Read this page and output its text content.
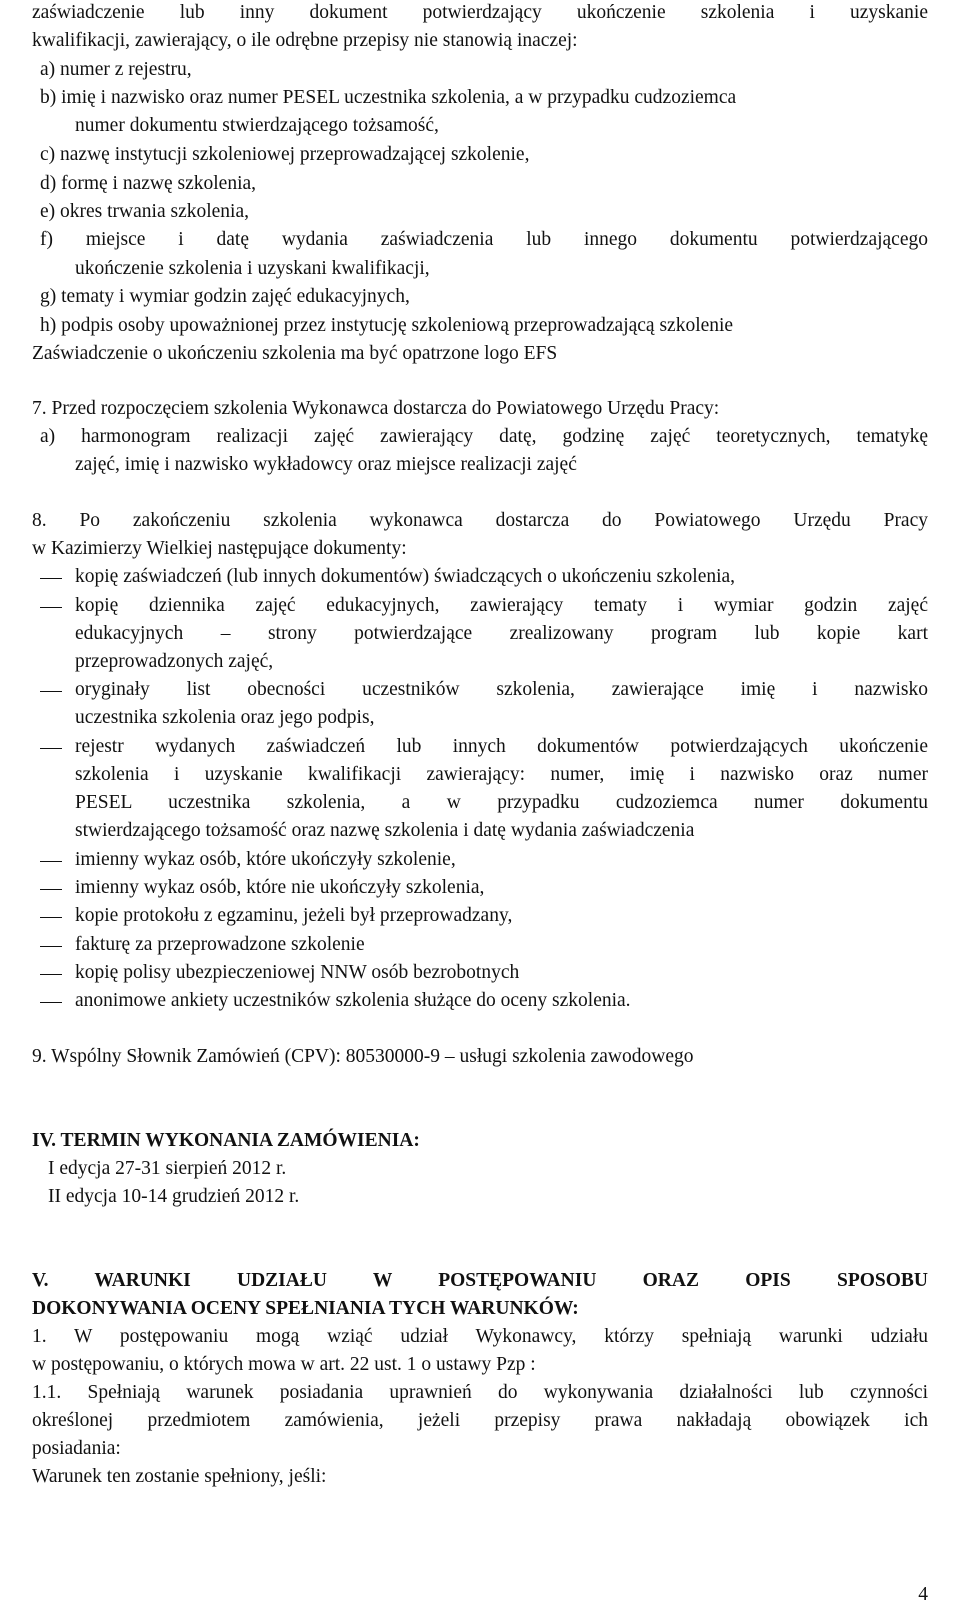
zaświadczenie lub inny dokument potwierdzający ukończenie szkolenia i uzyskanie
kwalifikacji, zawierający, o ile odrębne przepisy nie stanowią inaczej:
a) numer z rejestru,
b) imię i nazwisko oraz numer PESEL uczestnika szkolenia, a w przypadku cudzoziemca
numer dokumentu stwierdzającego tożsamość,
c) nazwę instytucji szkoleniowej przeprowadzającej szkolenie,
d) formę i nazwę szkolenia,
e) okres trwania szkolenia,
f) miejsce i datę wydania zaświadczenia lub innego dokumentu potwierdzającego
ukończenie szkolenia i uzyskani kwalifikacji,
g) tematy i wymiar godzin zajęć edukacyjnych,
h) podpis osoby upoważnionej przez instytucję szkoleniową przeprowadzającą szkolenie
Zaświadczenie o ukończeniu szkolenia ma być opatrzone logo EFS
7. Przed rozpoczęciem szkolenia Wykonawca dostarcza do Powiatowego Urzędu Pracy:
a) harmonogram realizacji zajęć zawierający datę, godzinę zajęć teoretycznych, tematykę
zajęć, imię i nazwisko wykładowcy oraz miejsce realizacji zajęć
8. Po zakończeniu szkolenia wykonawca dostarcza do Powiatowego Urzędu Pracy
w Kazimierzy Wielkiej następujące dokumenty:
kopię zaświadczeń (lub innych dokumentów) świadczących o ukończeniu szkolenia,
kopię dziennika zajęć edukacyjnych, zawierający tematy i wymiar godzin zajęć
edukacyjnych – strony potwierdzające zrealizowany program lub kopie kart
przeprowadzonych zajęć,
oryginały list obecności uczestników szkolenia, zawierające imię i nazwisko
uczestnika szkolenia oraz jego podpis,
rejestr wydanych zaświadczeń lub innych dokumentów potwierdzających ukończenie
szkolenia i uzyskanie kwalifikacji zawierający: numer, imię i nazwisko oraz numer
PESEL uczestnika szkolenia, a w przypadku cudzoziemca numer dokumentu
stwierdzającego tożsamość oraz nazwę szkolenia i datę wydania zaświadczenia
imienny wykaz osób, które ukończyły szkolenie,
imienny wykaz osób, które nie ukończyły szkolenia,
kopie protokołu z egzaminu, jeżeli był przeprowadzany,
fakturę za przeprowadzone szkolenie
kopię polisy ubezpieczeniowej NNW osób bezrobotnych
anonimowe ankiety uczestników szkolenia służące do oceny szkolenia.
9. Wspólny Słownik Zamówień (CPV): 80530000-9 – usługi szkolenia zawodowego
IV. TERMIN WYKONANIA ZAMÓWIENIA:
I edycja 27-31 sierpień 2012 r.
II edycja 10-14 grudzień 2012 r.
V. WARUNKI UDZIAŁU W POSTĘPOWANIU ORAZ OPIS SPOSOBU
DOKONYWANIA OCENY SPEŁNIANIA TYCH WARUNKÓW:
1. W postępowaniu mogą wziąć udział Wykonawcy, którzy spełniają warunki udziału
w postępowaniu, o których mowa w art. 22 ust. 1 o ustawy Pzp :
1.1. Spełniają warunek posiadania uprawnień do wykonywania działalności lub czynności
określonej przedmiotem zamówienia, jeżeli przepisy prawa nakładają obowiązek ich
posiadania:
Warunek ten zostanie spełniony, jeśli:
4
